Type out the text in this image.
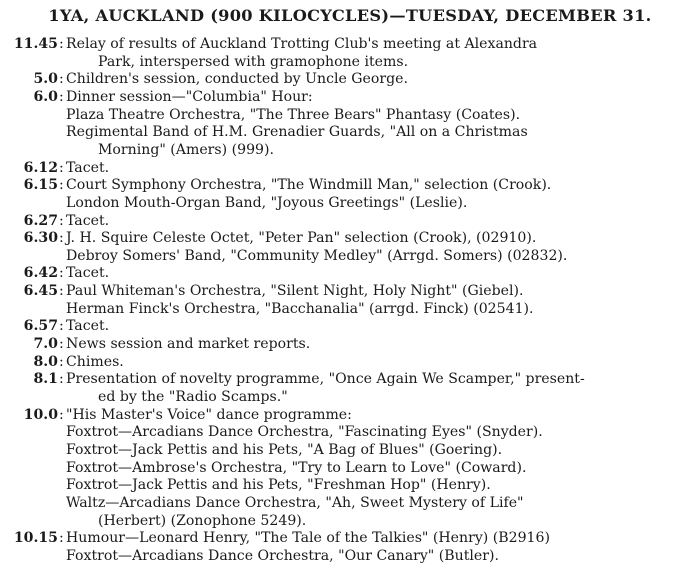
1YA, AUCKLAND (900 KILOCYCLES)—TUESDAY, DECEMBER 31.
11.45 : Relay of results of Auckland Trotting Club's meeting at Alexandra
Park, interspersed with gramophone items.
5.0 : Children's session, conducted by Uncle George.
6.0 : Dinner session—"Columbia" Hour:
Plaza Theatre Orchestra, "The Three Bears" Phantasy (Coates).
Regimental Band of H.M. Grenadier Guards, "All on a Christmas
Morning" (Amers) (999).
6.12 : Tacet.
6.15 : Court Symphony Orchestra, "The Windmill Man," selection (Crook).
London Mouth-Organ Band, "Joyous Greetings" (Leslie).
6.27 : Tacet.
6.30 : J. H. Squire Celeste Octet, "Peter Pan" selection (Crook), (02910).
Debroy Somers' Band, "Community Medley" (Arrgd. Somers) (02832).
6.42 : Tacet.
6.45 : Paul Whiteman's Orchestra, "Silent Night, Holy Night" (Giebel).
Herman Finck's Orchestra, "Bacchanalia" (arrgd. Finck) (02541).
6.57 : Tacet.
7.0 : News session and market reports.
8.0 : Chimes.
8.1 : Presentation of novelty programme, "Once Again We Scamper," present-
ed by the "Radio Scamps."
10.0 : "His Master's Voice" dance programme:
Foxtrot—Arcadians Dance Orchestra, "Fascinating Eyes" (Snyder).
Foxtrot—Jack Pettis and his Pets, "A Bag of Blues" (Goering).
Foxtrot—Ambrose's Orchestra, "Try to Learn to Love" (Coward).
Foxtrot—Jack Pettis and his Pets, "Freshman Hop" (Henry).
Waltz—Arcadians Dance Orchestra, "Ah, Sweet Mystery of Life"
(Herbert) (Zonophone 5249).
10.15 : Humour—Leonard Henry, "The Tale of the Talkies" (Henry) (B2916)
Foxtrot—Arcadians Dance Orchestra, "Our Canary" (Butler).
